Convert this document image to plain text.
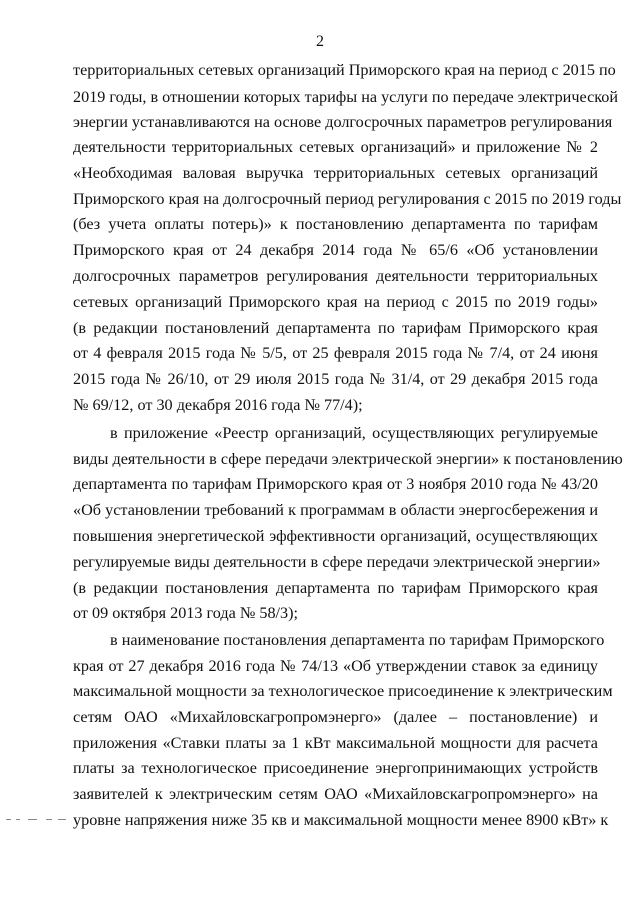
2
территориальных сетевых организаций Приморского края на период с 2015 по
2019 годы, в отношении которых тарифы на услуги по передаче электрической
энергии устанавливаются на основе долгосрочных параметров регулирования
деятельности территориальных сетевых организаций» и приложение № 2
«Необходимая валовая выручка территориальных сетевых организаций
Приморского края на долгосрочный период регулирования с 2015 по 2019 годы
(без учета оплаты потерь)» к постановлению департамента по тарифам
Приморского края от 24 декабря 2014 года № 65/6 «Об установлении
долгосрочных параметров регулирования деятельности территориальных
сетевых организаций Приморского края на период с 2015 по 2019 годы»
(в редакции постановлений департамента по тарифам Приморского края
от 4 февраля 2015 года № 5/5, от 25 февраля 2015 года № 7/4, от 24 июня
2015 года № 26/10, от 29 июля 2015 года № 31/4, от 29 декабря 2015 года
№ 69/12, от 30 декабря 2016 года № 77/4);
в приложение «Реестр организаций, осуществляющих регулируемые
виды деятельности в сфере передачи электрической энергии» к постановлению
департамента по тарифам Приморского края от 3 ноября 2010 года № 43/20
«Об установлении требований к программам в области энергосбережения и
повышения энергетической эффективности организаций, осуществляющих
регулируемые виды деятельности в сфере передачи электрической энергии»
(в редакции постановления департамента по тарифам Приморского края
от 09 октября 2013 года № 58/3);
в наименование постановления департамента по тарифам Приморского
края от 27 декабря 2016 года № 74/13 «Об утверждении ставок за единицу
максимальной мощности за технологическое присоединение к электрическим
сетям ОАО «Михайловскагропромэнерго» (далее – постановление) и
приложения «Ставки платы за 1 кВт максимальной мощности для расчета
платы за технологическое присоединение энергопринимающих устройств
заявителей к электрическим сетям ОАО «Михайловскагропромэнерго» на
уровне напряжения ниже 35 кв и максимальной мощности менее 8900 кВт» к
